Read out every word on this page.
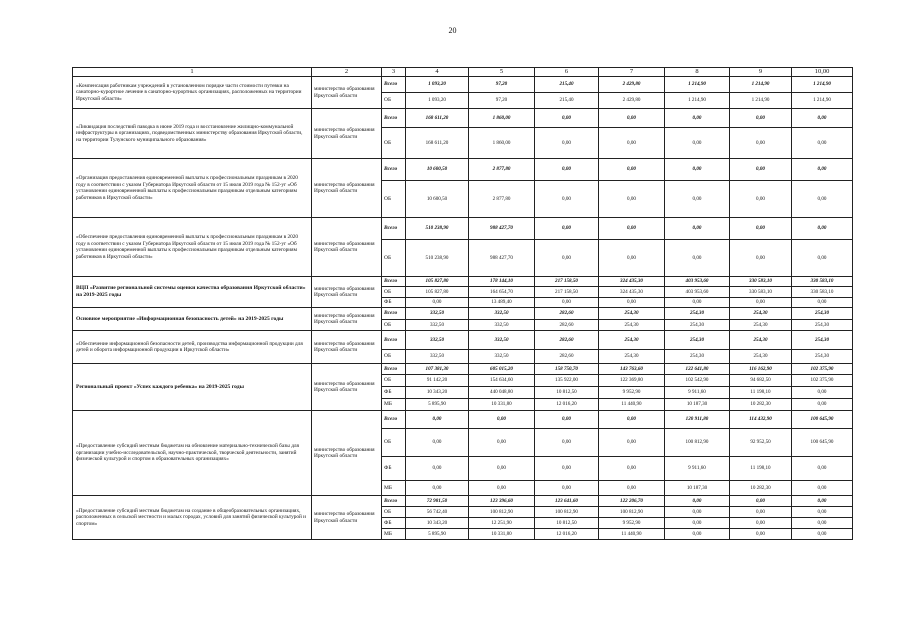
20
1	2	3	4	5	6	7	8	9	10,00
«Компенсация работникам учреждений в установленном порядке части стоимости путевки на санаторно-курортное лечение в санаторно-курортных организациях, расположенных на территории Иркутской области»	министерство образования Иркутской области	Всего	1 093,20	97,20	215,40	2 429,80	1 214,90	1 214,90	1 214,90
		ОБ	1 093,20	97,20	215,40	2 429,80	1 214,90	1 214,90	1 214,90
«Ликвидация последствий паводка в июне 2019 года и восстановление жилищно-коммунальной инфраструктуры в организациях, подведомственных министерству образования Иркутской области, на территории Тулунского муниципального образования»	министерство образования Иркутской области	Всего	168 611,20	1 860,00	0,00	0,00	0,00	0,00	0,00
		ОБ	168 611,20	1 860,00	0,00	0,00	0,00	0,00	0,00
«Организация предоставления единовременной выплаты к профессиональным праздникам в 2020 году в соответствии с указом Губернатора Иркутской области от 15 июля 2019 года № 152-уг «Об установлении единовременной выплаты к профессиональным праздникам отдельным категориям работников в Иркутской области»	министерство образования Иркутской области	Всего	10 600,50	2 877,80	0,00	0,00	0,00	0,00	0,00
		ОБ	10 600,50	2 877,80	0,00	0,00	0,00	0,00	0,00
«Обеспечение предоставления единовременной выплаты к профессиональным праздникам в 2020 году в соответствии с указом Губернатора Иркутской области от 15 июля 2019 года № 152-уг «Об установлении единовременной выплаты к профессиональным праздникам отдельным категориям работников в Иркутской области»	министерство образования Иркутской области	Всего	510 238,90	988 427,70	0,00	0,00	0,00	0,00	0,00
		ОБ	510 238,90	988 427,70	0,00	0,00	0,00	0,00	0,00
ВЦП «Развитие региональной системы оценки качества образования Иркутской области» на 2019-2025 годы	министерство образования Иркутской области	Всего	105 827,80	178 144,10	217 158,50	324 435,30	403 953,60	330 583,10	330 583,10
		ОБ	105 827,80	164 654,70	217 158,50	324 435,30	403 953,60	330 583,10	330 583,10
		ФБ	0,00	13 489,40	0,00	0,00	0,00	0,00	0,00
Основное мероприятие «Информационная безопасность детей» на 2019-2025 годы	министерство образования Иркутской области	Всего	332,50	332,50	282,60	254,30	254,30	254,30	254,30
		ОБ	332,50	332,50	282,60	254,30	254,30	254,30	254,30
«Обеспечение информационной безопасности детей, производства информационной продукции для детей и оборота информационной продукции в Иркутской области»	министерство образования Иркутской области	Всего	332,50	332,50	282,60	254,30	254,30	254,30	254,30
		ОБ	332,50	332,50	282,60	254,30	254,30	254,30	254,30
Региональный проект «Успех каждого ребенка» на 2019-2025 годы	министерство образования Иркутской области	Всего	107 381,30	605 015,20	158 750,70	143 763,60	122 641,80	116 162,90	102 375,90
		ОБ	91 142,20	154 634,60	135 922,00	122 369,80	102 542,90	94 682,50	102 375,90
		ФБ	10 343,20	440 048,80	10 812,50	9 952,90	9 911,60	11 198,10	0,00
		МБ	5 895,90	10 331,80	12 016,20	11 440,90	10 187,30	10 282,30	0,00
«Предоставление субсидий местным бюджетам на обновление материально-технической базы для организации учебно-исследовательской, научно-практической, творческой деятельности, занятий физической культурой и спортом в образовательных организациях»	министерство образования Иркутской области	Всего	0,00	0,00	0,00	0,00	120 911,80	114 432,90	100 645,90
		ОБ	0,00	0,00	0,00	0,00	100 812,90	92 952,50	100 645,90
		ФБ	0,00	0,00	0,00	0,00	9 911,60	11 198,10	0,00
		МБ	0,00	0,00	0,00	0,00	10 187,30	10 282,30	0,00
«Предоставление субсидий местным бюджетам на создание в общеобразовательных организациях, расположенных в сельской местности и малых городах, условий для занятий физической культурой и спортом»	министерство образования Иркутской области	Всего	72 981,50	123 396,60	123 641,60	122 206,70	0,00	0,00	0,00
		ОБ	56 742,40	100 812,90	100 812,90	100 812,90	0,00	0,00	0,00
		ФБ	10 343,20	12 251,90	10 812,50	9 952,90	0,00	0,00	0,00
		МБ	5 895,90	10 331,80	12 016,20	11 440,90	0,00	0,00	0,00
